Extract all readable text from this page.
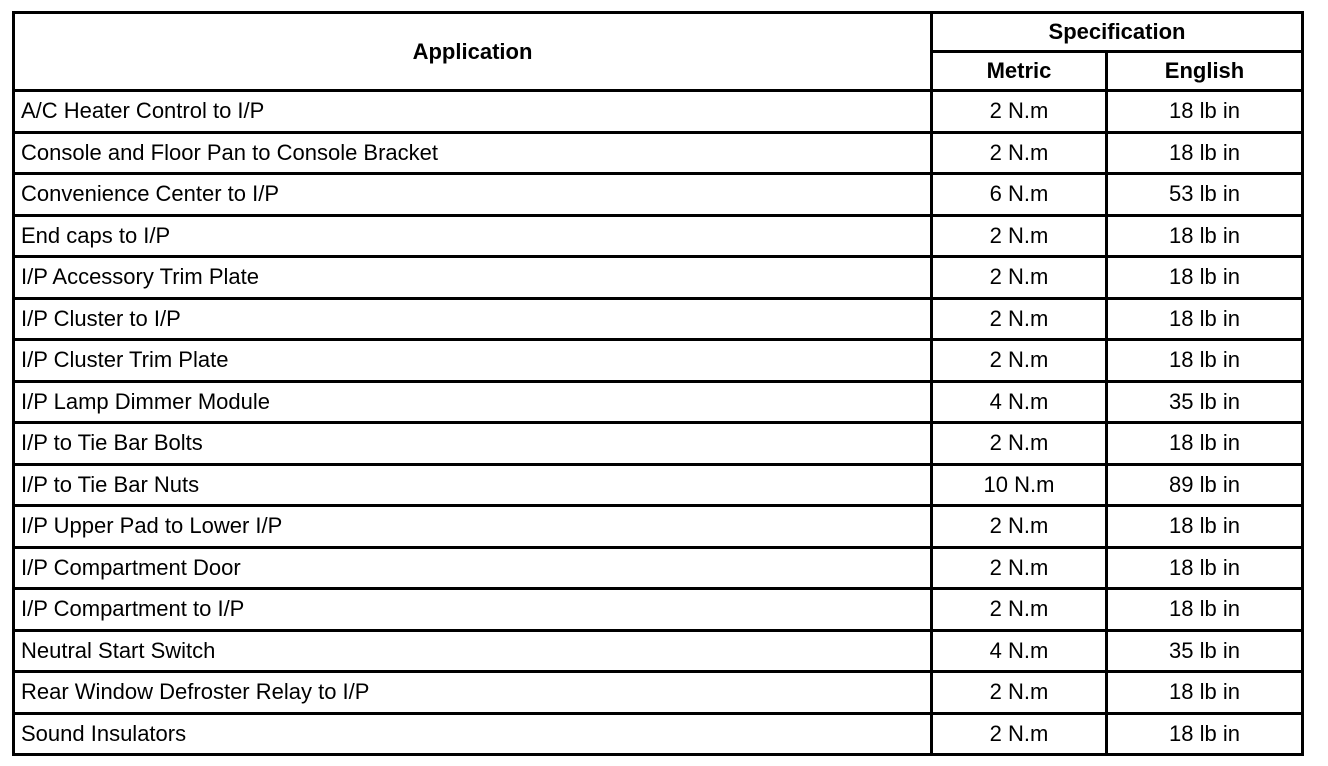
Application	Specification	
	Metric	English
A/C Heater Control to I/P	2 N.m	18 lb in
Console and Floor Pan to Console Bracket	2 N.m	18 lb in
Convenience Center to I/P	6 N.m	53 lb in
End caps to I/P	2 N.m	18 lb in
I/P Accessory Trim Plate	2 N.m	18 lb in
I/P Cluster to I/P	2 N.m	18 lb in
I/P Cluster Trim Plate	2 N.m	18 lb in
I/P Lamp Dimmer Module	4 N.m	35 lb in
I/P to Tie Bar Bolts	2 N.m	18 lb in
I/P to Tie Bar Nuts	10 N.m	89 lb in
I/P Upper Pad to Lower I/P	2 N.m	18 lb in
I/P Compartment Door	2 N.m	18 lb in
I/P Compartment to I/P	2 N.m	18 lb in
Neutral Start Switch	4 N.m	35 lb in
Rear Window Defroster Relay to I/P	2 N.m	18 lb in
Sound Insulators	2 N.m	18 lb in
